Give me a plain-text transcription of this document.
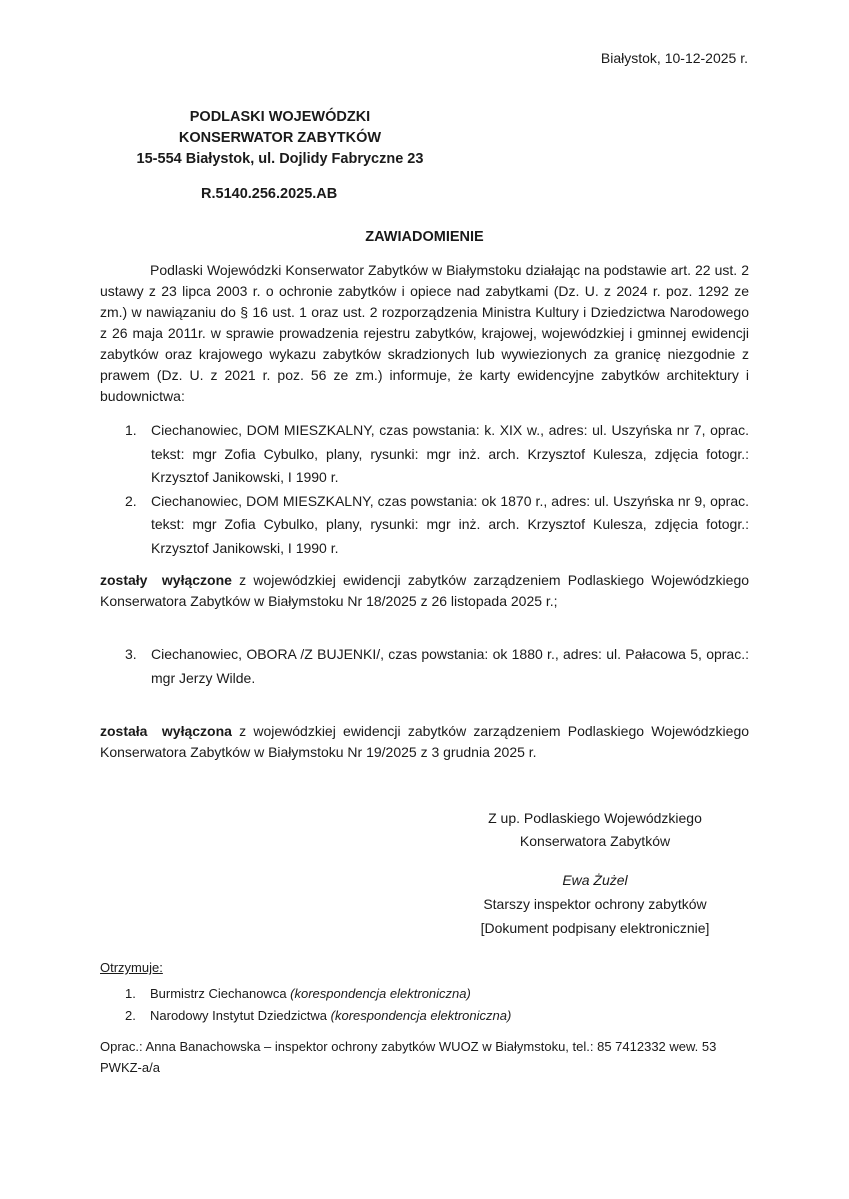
Białystok, 10-12-2025 r.
PODLASKI WOJEWÓDZKI
KONSERWATOR ZABYTKÓW
15-554 Białystok, ul. Dojlidy Fabryczne 23
R.5140.256.2025.AB
ZAWIADOMIENIE
Podlaski Wojewódzki Konserwator Zabytków w Białymstoku działając na podstawie art. 22 ust. 2 ustawy z 23 lipca 2003 r. o ochronie zabytków i opiece nad zabytkami (Dz. U. z 2024 r. poz. 1292 ze zm.) w nawiązaniu do § 16 ust. 1 oraz ust. 2 rozporządzenia Ministra Kultury i Dziedzictwa Narodowego z 26 maja 2011r. w sprawie prowadzenia rejestru zabytków, krajowej, wojewódzkiej i gminnej ewidencji zabytków oraz krajowego wykazu zabytków skradzionych lub wywiezionych za granicę niezgodnie z prawem (Dz. U. z 2021 r. poz. 56 ze zm.) informuje, że karty ewidencyjne zabytków architektury i budownictwa:
1.	Ciechanowiec, DOM MIESZKALNY, czas powstania: k. XIX w., adres: ul. Uszyńska nr 7, oprac. tekst: mgr Zofia Cybulko, plany, rysunki: mgr inż. arch. Krzysztof Kulesza, zdjęcia fotogr.: Krzysztof Janikowski, I 1990 r.
2.	Ciechanowiec, DOM MIESZKALNY, czas powstania: ok 1870 r., adres: ul. Uszyńska nr 9, oprac. tekst: mgr Zofia Cybulko, plany, rysunki: mgr inż. arch. Krzysztof Kulesza, zdjęcia fotogr.: Krzysztof Janikowski, I 1990 r.
zostały wyłączone z wojewódzkiej ewidencji zabytków zarządzeniem Podlaskiego Wojewódzkiego Konserwatora Zabytków w Białymstoku Nr 18/2025 z 26 listopada 2025 r.;
3.	Ciechanowiec, OBORA /Z BUJENKI/, czas powstania: ok 1880 r., adres: ul. Pałacowa 5, oprac.: mgr Jerzy Wilde.
została wyłączona z wojewódzkiej ewidencji zabytków zarządzeniem Podlaskiego Wojewódzkiego Konserwatora Zabytków w Białymstoku Nr 19/2025 z 3 grudnia 2025 r.
Z up. Podlaskiego Wojewódzkiego
Konserwatora Zabytków
Ewa Żużel
Starszy inspektor ochrony zabytków
[Dokument podpisany elektronicznie]
Otrzymuje:
1.	Burmistrz Ciechanowca (korespondencja elektroniczna)
2.	Narodowy Instytut Dziedzictwa (korespondencja elektroniczna)
Oprac.: Anna Banachowska – inspektor ochrony zabytków WUOZ w Białymstoku, tel.: 85 7412332 wew. 53
PWKZ-a/a
